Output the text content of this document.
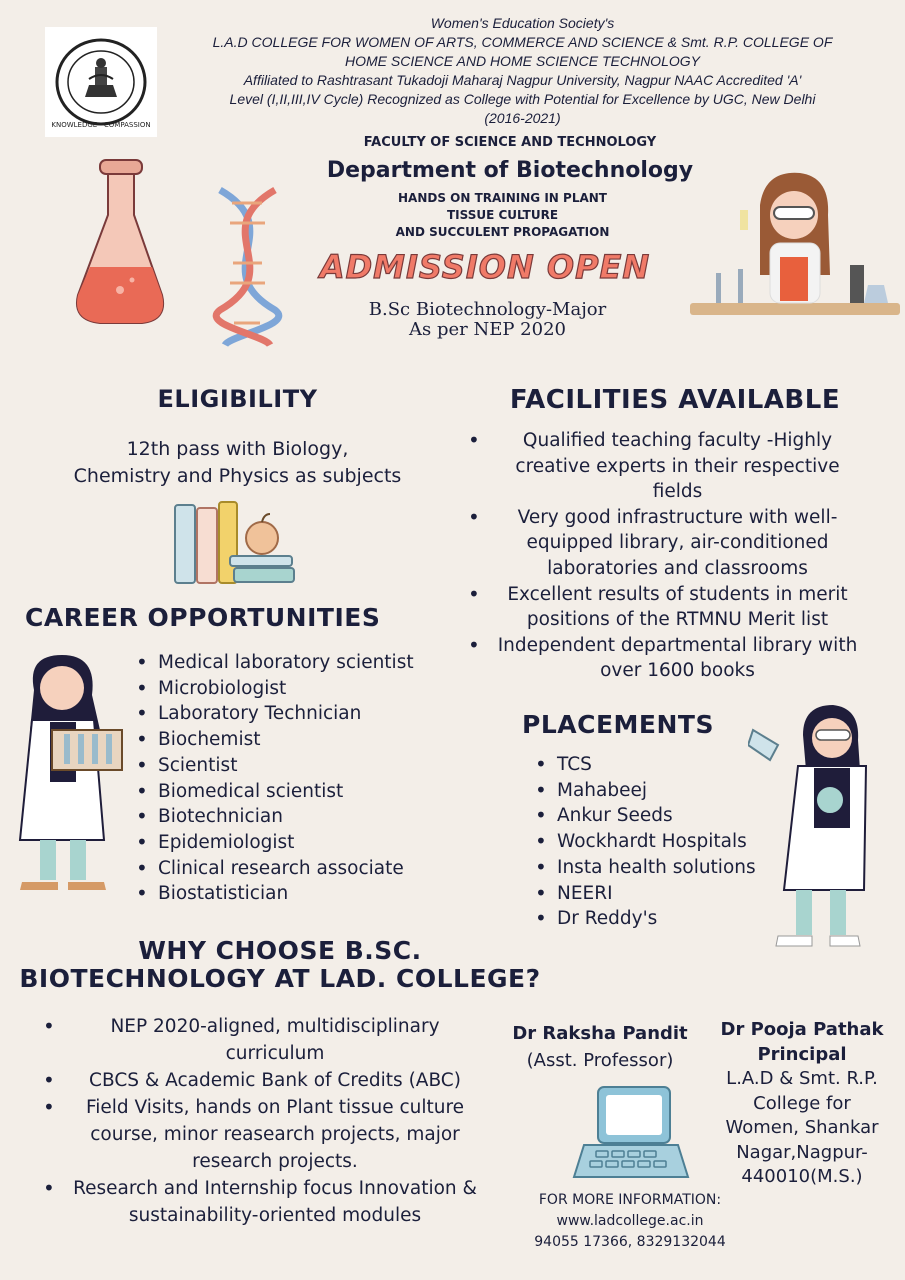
KNOWLEDGE · COMPASSION
Women's Education Society's
L.A.D COLLEGE FOR WOMEN OF ARTS, COMMERCE AND SCIENCE & Smt. R.P. COLLEGE OF
HOME SCIENCE AND HOME SCIENCE TECHNOLOGY
Affiliated to Rashtrasant Tukadoji Maharaj Nagpur University, Nagpur NAAC Accredited 'A'
Level (I,II,III,IV Cycle) Recognized as College with Potential for Excellence by UGC, New Delhi
(2016-2021)
FACULTY OF SCIENCE AND TECHNOLOGY
Department of Biotechnology
HANDS ON TRAINING IN PLANT
TISSUE CULTURE
AND SUCCULENT PROPAGATION
ADMISSION OPEN
B.Sc Biotechnology-Major
As per NEP 2020
ELIGIBILITY
12th pass with Biology,
Chemistry and Physics as subjects
FACILITIES AVAILABLE
• Qualified teaching faculty -Highly creative experts in their respective fields
• Very good infrastructure with well-equipped library, air-conditioned laboratories and classrooms
• Excellent results of students in merit positions of the RTMNU Merit list
• Independent departmental library with over 1600 books
CAREER OPPORTUNITIES
• Medical laboratory scientist
• Microbiologist
• Laboratory Technician
• Biochemist
• Scientist
• Biomedical scientist
• Biotechnician
• Epidemiologist
• Clinical research associate
• Biostatistician
PLACEMENTS
• TCS
• Mahabeej
• Ankur Seeds
• Wockhardt Hospitals
• Insta health solutions
• NEERI
• Dr Reddy's
WHY CHOOSE B.SC.
BIOTECHNOLOGY AT LAD. COLLEGE?
• NEP 2020-aligned, multidisciplinary curriculum
• CBCS & Academic Bank of Credits (ABC)
• Field Visits, hands on Plant tissue culture course, minor reasearch projects, major research projects.
• Research and Internship focus Innovation & sustainability-oriented modules
Dr Raksha Pandit
(Asst. Professor)
Dr Pooja Pathak
Principal
L.A.D & Smt. R.P.
College for
Women, Shankar
Nagar,Nagpur-
440010(M.S.)
FOR MORE INFORMATION:
www.ladcollege.ac.in
94055 17366, 8329132044
